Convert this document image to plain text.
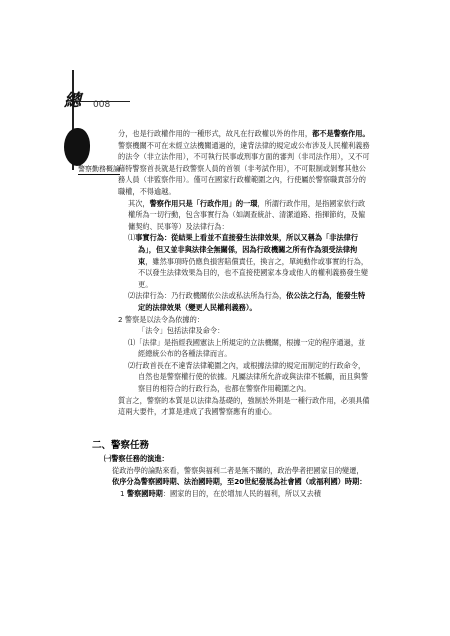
總 008
警察勤務概論

分，也是行政權作用的一種形式，故凡在行政權以外的作用，都不是警察作用。警察機關不可在未經立法機關通過的，違背法律的規定或公布涉及人民權利義務的法令（非立法作用），不可執行民事或刑事方面的審判（非司法作用），又不可藉特警察首長就是行政警察人員的首領（非考試作用），不可限制或剝奪其他公務人員（非監察作用）。僅可在國家行政權範圍之內，行使屬於警察職責部分的職權，不得逾越。

其次，警察作用只是「行政作用」的一環，所謂行政作用，是指國家依行政權所為一切行動，包含事實行為（如調查統計、清潔道路、指揮節約，及僱傭契約、民事等）及法律行為：

⑴事實行為：從結果上看並不直接發生法律效果，所以又稱為「非法律行為」，但又並非與法律全無關係，因為行政機關之所有作為須受法律拘束，雖然事項時仍應負損害賠償責任，換言之，單純動作或事實的行為，不以發生法律效果為目的，也不直接使國家本身或他人的權利義務發生變更。

⑵法律行為：乃行政機關依公法或私法所為行為，依公法之行為，能發生特定的法律效果（變更人民權利義務）。

2 警察是以法令為依據的：

「法令」包括法律及命令：

⑴「法律」是指經我國憲法上所規定的立法機關，根據一定的程序通過，並經總統公布的各種法律而言。

⑵行政首長在不違背法律範圍之內，或根據法律的規定而制定的行政命令，自然也是警察權行使的依據。凡屬法律所允許或與法律不牴觸，而且與警察目的相符合的行政行為，也都在警察作用範圍之內。

質言之，警察的本質是以法律為基礎的，強制於外則是一種行政作用，必須具備這兩大要件，才算是達成了我國警察應有的重心。

二、警察任務

㈠警察任務的演進：

從政治學的論點來看，警察與福利二者是無不關的，政治學者把國家目的變遷，依序分為警察國時期、法治國時期，至20世紀發展為社會國（或福利國）時期：

1 警察國時期：國家的目的，在於增加人民的福利，所以又去積
